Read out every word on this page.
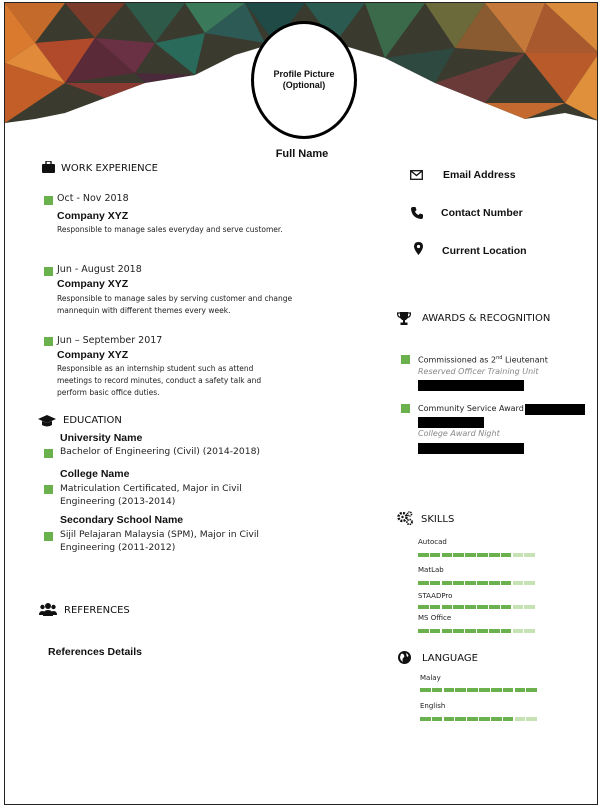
Profile Picture
(Optional)
Full Name
WORK EXPERIENCE
Oct - Nov 2018
Company XYZ
Responsible to manage sales everyday and serve customer.
Jun - August 2018
Company XYZ
Responsible to manage sales by serving customer and change
mannequin with different themes every week.
Jun – September 2017
Company XYZ
Responsible as an internship student such as attend
meetings to record minutes, conduct a safety talk and
perform basic office duties.
EDUCATION
University Name
Bachelor of Engineering (Civil) (2014-2018)
College Name
Matriculation Certificated, Major in Civil
Engineering (2013-2014)
Secondary School Name
Sijil Pelajaran Malaysia (SPM), Major in Civil
Engineering (2011-2012)
REFERENCES
References Details
Email Address
Contact Number
Current Location
AWARDS & RECOGNITION
Commissioned as 2nd Lieutenant
Reserved Officer Training Unit
Community Service Award
College Award Night
SKILLS
Autocad
MatLab
STAADPro
MS Office
LANGUAGE
Malay
English
